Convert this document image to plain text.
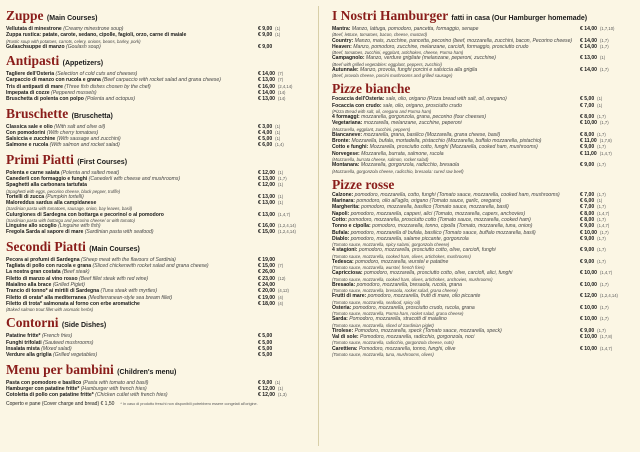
Zuppe (Main Courses)
Vellutata di minestrone (Creamy minestrone soup)	€ 9,00 (1)
Zuppa rustica: patate, carote, sedano, cipolle, fagioli, orzo, carne di maiale	€ 9,00 (1)
(Rustic soup with potatoes, carrots, celery, onions, beans, barley, pork)
Gulaschsuppe di manzo (Goulash soup)	€ 9,00
Antipasti (Appetizers)
Tagliere dell'Osteria (Selection of cold cuts and cheeses)	€ 14,00 (7)
Carpaccio di manzo con rucola e grana (Beef carpaccio with rocket salad and grana cheese)	€ 13,00 (7)
Tris di antipasti di mare (Three fish dishes chosen by the chef)	€ 16,00 (2,4,14)
Impepata di cozze (Peppered mussels)	€ 14,00 (14)
Bruschetta di polenta con polpo (Polenta and octopus)	€ 13,00 (14)
Bruschette (Bruschetta)
Classica sale e olio (With salt and olive oil)	€ 3,00 (1)
Con pomodorini (With cherry tomatoes)	€ 4,00 (1)
Salsiccia e zucchine (With sausage and zucchini)	€ 5,00 (1)
Salmone e rucola (With salmon and rocket salad)	€ 6,00 (1,4)
Primi Piatti (First Courses)
Polenta e carne salata (Polenta and salted meat)	€ 12,00 (1)
Canederli con formaggio e funghi (Canederli with cheese and mushrooms)	€ 13,00 (1,7)
Spaghetti alla carbonara tartufata	€ 12,00 (1)
(Spaghetti with eggs, pecorino cheese, black pepper, truffle)
Tortelli di zucca (Pumpkin tortelli)	€ 13,00 (1)
Maloreddus sardus alla campidanese	€ 13,00 (1)
(Sardinian pasta with tomatoes, sausage, onion, bay leaves, basil)
Culurgiones di Sardegna con bottarga e pecorino/ o al pomodoro	€ 13,00 (1,4,7)
(Sardinian pasta with bottarga and pecorino cheese/ or with tomato)
Linguine allo scoglio (Linguine with fish)	€ 16,00 (1,2,4,14)
Fregola Sarda al sapore di mare (Sardinian pasta with seafood)	€ 15,00 (1,2,4,14)
Secondi Piatti (Main Courses)
Pecora ai profumi di Sardegna (Sheep meat with the flavours of Sardinia)	€ 19,00
Tagliata di pollo con rucola e grana (Sliced chickenwith rocket salad and grana cheese)	€ 15,00 (7)
La nostra gran costata (Beef steak)	€ 26,00
Filetto di manzo al vino rosso (Beef fillet steak with red wine)	€ 23,00 (12)
Maialino alla brace (Grilled Piglet)	€ 24,00
Trancio di tonno* ai mirtili di Sardegna (Tuna steak with myrtles)	€ 20,00 (4,12)
Filetto di orata* alla mediterranea (Mediterranean-style sea bream fillet)	€ 19,00 (4)
Filetto di trota* salmonata al forno con erbe aromatiche	€ 18,00 (4)
(Baked salmon trout fillet with aromatic herbs)
Contorni (Side Dishes)
Patatine fritte* (French fries)	€ 5,00
Funghi trifolati (Sauteed mushrooms)	€ 5,00
Insalata mista (Mixed salad)	€ 5,00
Verdure alla griglia (Grilled vegetables)	€ 5,00
Menu per bambini (Children's menu)
Pasta con pomodoro e basilico (Pasta with tomato and basil)	€ 9,00 (1)
Hamburger con patatine fritte* (Hamburger with french fries)	€ 12,00 (1)
Cotoletta di pollo con patatine fritte* (Chicken cutlet with french fries)	€ 12,00 (1,3)
Coperto e pane (Cover charge and bread) € 1,50 * In caso di prodotto freschi non disponibili potrebbero essere congelati all'origine.
I Nostri Hamburger fatti in casa (Our Hamburger homemade)
Mantra: Manzo, lattuga, pomodoro, pancetta, formaggio, senape	€ 14,00 (1,7,10)
(Beef, lettuce, tomatoes, bacon, cheese, mustard)
Country: Manzo, mais, zucchine, pancetta, pecorino (beef, mozzarella, zucchini, bacon, Pecorino cheese)	€ 14,00 (1,7)
Heaven: Manzo, pomodoro, zucchine, melanzane, carciofi, formaggio, prosciutto crudo	€ 14,00 (1,7)
(Beef, tomatoes, zucchini, eggplant, artichokes, cheese, Parma ham)
Campagnolo: Manzo, verdure grigliate (melanzane, peperoni, zucchine)	€ 13,00 (1)
(Beef with grilled vegetables: eggplant, peppers, zucchini)
Autunnale: Manzo, provola, funghi porcini e salsiccia alla griglia	€ 14,00 (1,7)
(Beef, provola cheese, porcini mushrooms and grilled sausage)
Pizze bianche
Focaccia dell'Osteria: sale, olio, origano (Pizza bread with salt, oil, oregano)	€ 5,00 (1)
Focaccia con crudo: sale, olio, origano, prosciutto crudo	€ 7,00 (1)
(Pizza Bread with salt, oil, oregano and Parma ham)
4 formaggi: mozzarella, gorgonzola, grana, pecorino (four cheeses)	€ 8,00 (1,7)
Vegetariana: mozzarella, melanzane, zucchine, peperoni	€ 10,00 (1,7)
(Mozzarella, eggplant, zucchini, peppers)
Biancaneve: mozzarella, grana, basilico (Mozzarella, grana cheese, basil)	€ 8,00 (1,7)
Bronte: Mozzarella, bufala, mortadella, pistacchio (Mozzarella, buffalo mozzarella, pistachio)	€ 11,00 (1,7,8)
Cotto e funghi: Mozzarella, prosciutto cotto, funghi (Mozzarella, cooked ham, mushrooms)	€ 9,00 (1,7)
Norvegese: Mozzarella, burrata, salmone, rucola	€ 11,00 (1,4,7)
(Mozzarella, burrata cheese, salmon, rocket salad)
Montanara: Mozzarella, gorgonzola, radicchio, bresaola	€ 9,00 (1,7)
(Mozzarella, gorgonzola cheese, radicchio, bresaola: cured raw beef)
Pizze rosse
Calzone: pomodoro, mozzarella, cotto, funghi (Tomato sauce, mozzarella, cooked ham, mushrooms)	€ 7,00 (1,7)
Marinara: pomodoro, olio all'aglio, origano (Tomato sauce, garlic, oregano)	€ 6,00 (1)
Margherita: pomodoro, mozzarella, basilico (Tomato sauce, mozzarella, basil)	€ 7,00 (1,7)
Napoli: pomodoro, mozzarella, capperi, alici (Tomato, mozzarella, capers, anchovies)	€ 8,00 (1,4,7)
Cotto: pomodoro, mozzarella, prosciutto cotto (Tomato sauce, mozzarella, cooked ham)	€ 8,00 (1,7)
Tonno e cipolla: pomodoro, mozzarella, tonno, cipolla (Tomato, mozzarella, tuna, onion)	€ 9,00 (1,4,7)
Bufala: pomodoro, mozzarella di bufala, basilico (Tomato sauce, buffalo mozzarella, basil)	€ 10,00 (1,7)
Diablo: pomodoro, mozzarella, salame piccante, gorgonzola	€ 9,00 (1,7)
(Tomato sauce, mozzarella, spicy salami, gorgonzola cheese)
4 stagioni: pomodoro, mozzarella, prosciutto cotto, olive, carciofi, funghi	€ 9,00 (1,7)
(Tomato sauce, mozzarella, cooked ham, olives, artichokes, mushrooms)
Tedesca: pomodoro, mozzarella, wurstel e patatine	€ 9,00 (1,7)
(Tomato sauce, mozzarella, wurstel, french fries)
Capricciosa: pomodoro, mozzarella, prosciutto cotto, olive, carciofi, alici, funghi	€ 10,00 (1,4,7)
(Tomato sauce, mozzarella, cooked ham, olives, artichokes, anchovies, mushrooms)
Bresaola: pomodoro, mozzarella, bresaola, rucola, grana	€ 10,00 (1,7)
(Tomato sauce, mozzarella, bresaola, rocket salad, grana cheese)
Frutti di mare: pomodoro, mozzarella, frutti di mare, olio piccante	€ 12,00 (1,2,4,14)
(Tomato sauce, mozzarella, seafood, spicy oil)
Osteria: pomodoro, mozzarella, prosciutto crudo, rucola, grana	€ 10,00 (1,7)
(Tomato sauce, mozzarella, Parma ham, rocket salad, grana cheese)
Sarda: Pomodoro, mozzarella, stracotti di maialino	€ 10,00 (1,7)
(Tomato sauce, mozzarella, sliced of Sardinian piglet)
Tirolese: Pomodoro, mozzarella, speck (Tomato sauce, mozzarella, speck)	€ 9,00 (1,7)
Val di sole: Pomodoro, mozzarella, radicchio, gorgonzola, noci	€ 10,00 (1,7,8)
(Tomato sauce, mozzarella, radicchio, gorgonzola cheese, nuts)
Carettiera: Pomodoro, mozzarella, tonno, funghi, olive	€ 10,00 (1,4,7)
(Tomato sauce, mozzarella, tuna, mushrooms, olives)
